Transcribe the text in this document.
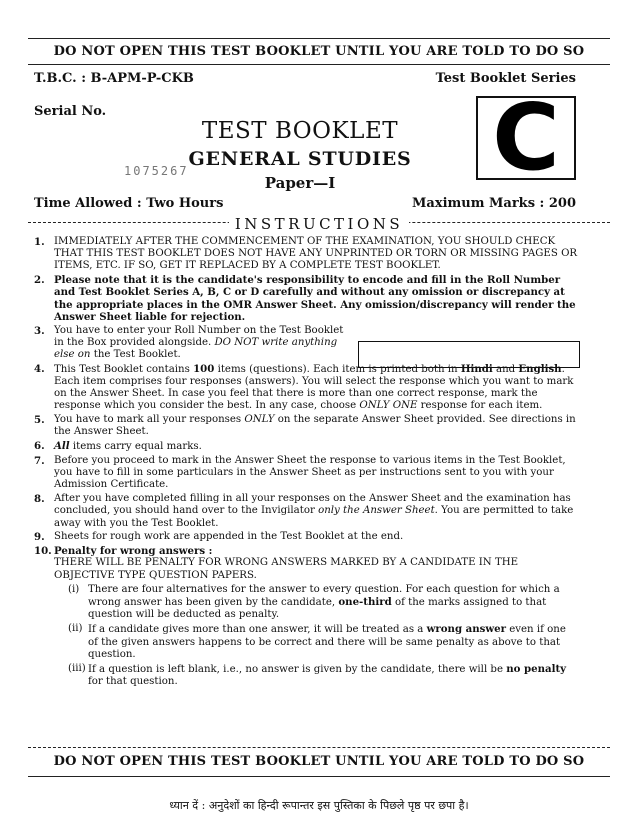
DO NOT OPEN THIS TEST BOOKLET UNTIL YOU ARE TOLD TO DO SO
T.B.C. : B-APM-P-CKB	Test Booklet Series
Serial No.
1075267	C
TEST BOOKLET
GENERAL STUDIES
Paper—I
Time Allowed : Two Hours	Maximum Marks : 200
INSTRUCTIONS
1. IMMEDIATELY AFTER THE COMMENCEMENT OF THE EXAMINATION, YOU SHOULD CHECK THAT THIS TEST BOOKLET DOES NOT HAVE ANY UNPRINTED OR TORN OR MISSING PAGES OR ITEMS, ETC. IF SO, GET IT REPLACED BY A COMPLETE TEST BOOKLET.
2. Please note that it is the candidate's responsibility to encode and fill in the Roll Number and Test Booklet Series A, B, C or D carefully and without any omission or discrepancy at the appropriate places in the OMR Answer Sheet. Any omission/discrepancy will render the Answer Sheet liable for rejection.
3. You have to enter your Roll Number on the Test Booklet in the Box provided alongside. DO NOT write anything else on the Test Booklet.
4. This Test Booklet contains 100 items (questions). Each item is printed both in Hindi and English. Each item comprises four responses (answers). You will select the response which you want to mark on the Answer Sheet. In case you feel that there is more than one correct response, mark the response which you consider the best. In any case, choose ONLY ONE response for each item.
5. You have to mark all your responses ONLY on the separate Answer Sheet provided. See directions in the Answer Sheet.
6. All items carry equal marks.
7. Before you proceed to mark in the Answer Sheet the response to various items in the Test Booklet, you have to fill in some particulars in the Answer Sheet as per instructions sent to you with your Admission Certificate.
8. After you have completed filling in all your responses on the Answer Sheet and the examination has concluded, you should hand over to the Invigilator only the Answer Sheet. You are permitted to take away with you the Test Booklet.
9. Sheets for rough work are appended in the Test Booklet at the end.
10. Penalty for wrong answers :
THERE WILL BE PENALTY FOR WRONG ANSWERS MARKED BY A CANDIDATE IN THE OBJECTIVE TYPE QUESTION PAPERS.
(i) There are four alternatives for the answer to every question. For each question for which a wrong answer has been given by the candidate, one-third of the marks assigned to that question will be deducted as penalty.
(ii) If a candidate gives more than one answer, it will be treated as a wrong answer even if one of the given answers happens to be correct and there will be same penalty as above to that question.
(iii) If a question is left blank, i.e., no answer is given by the candidate, there will be no penalty for that question.
DO NOT OPEN THIS TEST BOOKLET UNTIL YOU ARE TOLD TO DO SO
ध्यान दें : अनुदेशों का हिन्दी रूपान्तर इस पुस्तिका के पिछले पृष्ठ पर छपा है।
